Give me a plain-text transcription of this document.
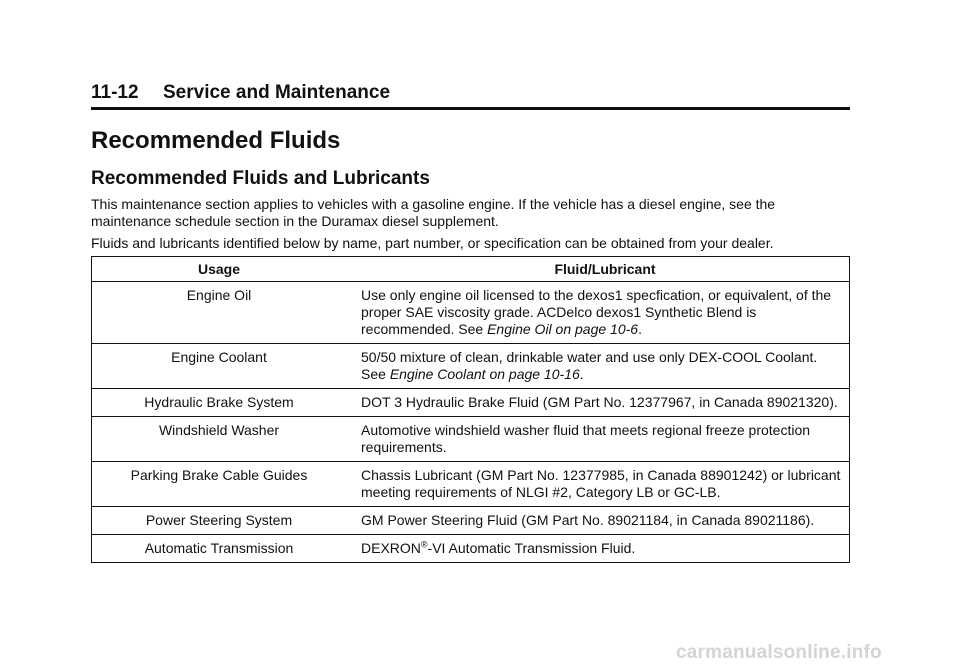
11-12 Service and Maintenance
Recommended Fluids
Recommended Fluids and Lubricants

This maintenance section applies to vehicles with a gasoline engine. If the vehicle has a diesel engine, see the maintenance schedule section in the Duramax diesel supplement.

Fluids and lubricants identified below by name, part number, or specification can be obtained from your dealer.

Usage	Fluid/Lubricant
Engine Oil	Use only engine oil licensed to the dexos1 specfication, or equivalent, of the proper SAE viscosity grade. ACDelco dexos1 Synthetic Blend is recommended. See Engine Oil on page 10-6.
Engine Coolant	50/50 mixture of clean, drinkable water and use only DEX-COOL Coolant. See Engine Coolant on page 10-16.
Hydraulic Brake System	DOT 3 Hydraulic Brake Fluid (GM Part No. 12377967, in Canada 89021320).
Windshield Washer	Automotive windshield washer fluid that meets regional freeze protection requirements.
Parking Brake Cable Guides	Chassis Lubricant (GM Part No. 12377985, in Canada 88901242) or lubricant meeting requirements of NLGI #2, Category LB or GC-LB.
Power Steering System	GM Power Steering Fluid (GM Part No. 89021184, in Canada 89021186).
Automatic Transmission	DEXRON®-VI Automatic Transmission Fluid.
carmanualsonline.info
